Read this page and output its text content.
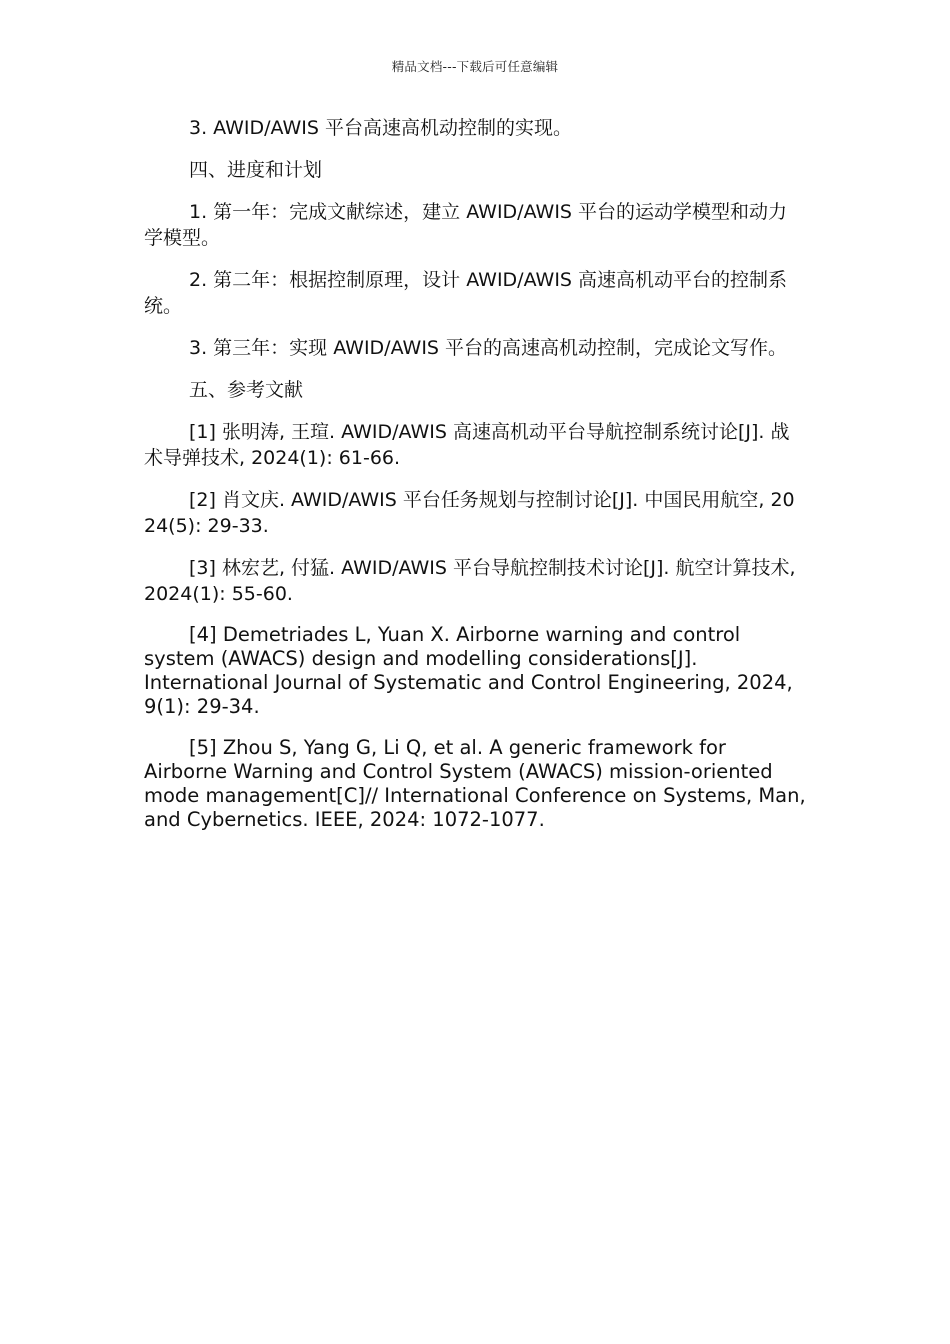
精品文档---下载后可任意编辑

3. AWID/AWIS 平台高速高机动控制的实现。

四、进度和计划

1. 第一年：完成文献综述，建立 AWID/AWIS 平台的运动学模型和动力学模型。

2. 第二年：根据控制原理，设计 AWID/AWIS 高速高机动平台的控制系统。

3. 第三年：实现 AWID/AWIS 平台的高速高机动控制，完成论文写作。

五、参考文献

[1] 张明涛, 王瑄. AWID/AWIS 高速高机动平台导航控制系统讨论[J]. 战术导弹技术, 2024(1): 61-66.

[2] 肖文庆. AWID/AWIS 平台任务规划与控制讨论[J]. 中国民用航空, 2024(5): 29-33.

[3] 林宏艺, 付猛. AWID/AWIS 平台导航控制技术讨论[J]. 航空计算技术, 2024(1): 55-60.

[4] Demetriades L, Yuan X. Airborne warning and control system (AWACS) design and modelling considerations[J]. International Journal of Systematic and Control Engineering, 2024, 9(1): 29-34.

[5] Zhou S, Yang G, Li Q, et al. A generic framework for Airborne Warning and Control System (AWACS) mission-oriented mode management[C]// International Conference on Systems, Man, and Cybernetics. IEEE, 2024: 1072-1077.
